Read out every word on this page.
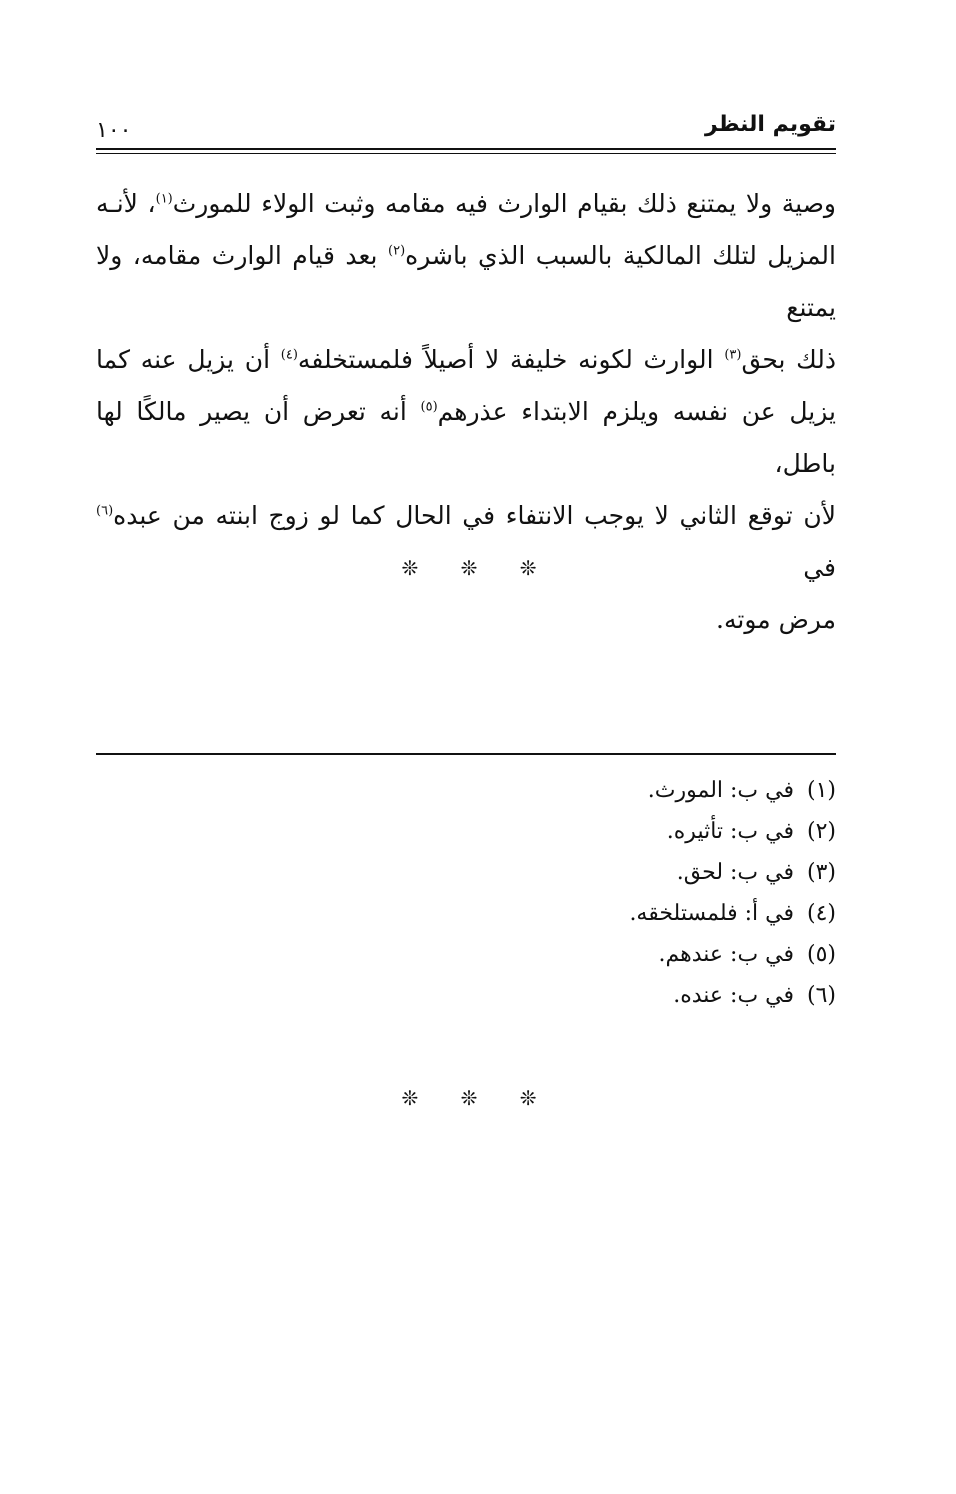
١٠٠	تقويم النظر

وصية ولا يمتنع ذلك بقيام الوارث فيه مقامه وثبت الولاء للمورث$^{(١)}$، لأنـه
المزيل لتلك المالكية بالسبب الذي باشره$^{(٢)}$ بعد قيام الوارث مقامه، ولا يمتنع
ذلك بحق$^{(٣)}$ الوارث لكونه خليفة لا أصيلاً فلمستخلفه$^{(٤)}$ أن يزيل عنه كما
يزيل عن نفسه ويلزم الابتداء عذرهم$^{(٥)}$ أنه تعرض أن يصير مالكًا لها باطل،
لأن توقع الثاني لا يوجب الانتفاء في الحال كما لو زوج ابنته من عبده$^{(٦)}$ في
مرض موته.

❊ ❊ ❊
(١)في ب: المورث.
(٢)في ب: تأثيره.
(٣)في ب: لحق.
(٤)في أ: فلمستلخقه.
(٥)في ب: عندهم.
(٦)في ب: عنده.
❊ ❊ ❊
